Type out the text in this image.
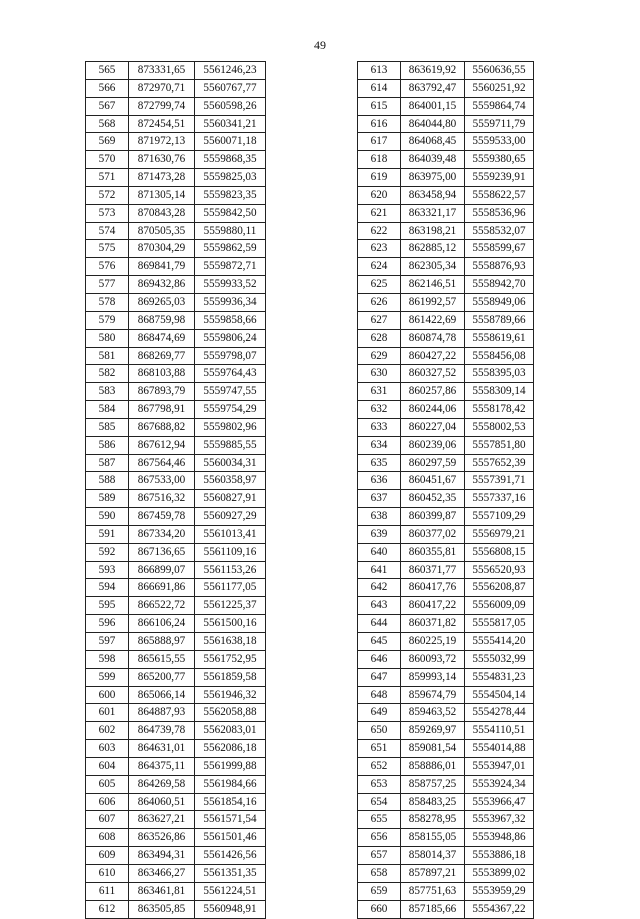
49
565	873331,65	5561246,23
566	872970,71	5560767,77
567	872799,74	5560598,26
568	872454,51	5560341,21
569	871972,13	5560071,18
570	871630,76	5559868,35
571	871473,28	5559825,03
572	871305,14	5559823,35
573	870843,28	5559842,50
574	870505,35	5559880,11
575	870304,29	5559862,59
576	869841,79	5559872,71
577	869432,86	5559933,52
578	869265,03	5559936,34
579	868759,98	5559858,66
580	868474,69	5559806,24
581	868269,77	5559798,07
582	868103,88	5559764,43
583	867893,79	5559747,55
584	867798,91	5559754,29
585	867688,82	5559802,96
586	867612,94	5559885,55
587	867564,46	5560034,31
588	867533,00	5560358,97
589	867516,32	5560827,91
590	867459,78	5560927,29
591	867334,20	5561013,41
592	867136,65	5561109,16
593	866899,07	5561153,26
594	866691,86	5561177,05
595	866522,72	5561225,37
596	866106,24	5561500,16
597	865888,97	5561638,18
598	865615,55	5561752,95
599	865200,77	5561859,58
600	865066,14	5561946,32
601	864887,93	5562058,88
602	864739,78	5562083,01
603	864631,01	5562086,18
604	864375,11	5561999,88
605	864269,58	5561984,66
606	864060,51	5561854,16
607	863627,21	5561571,54
608	863526,86	5561501,46
609	863494,31	5561426,56
610	863466,27	5561351,35
611	863461,81	5561224,51
612	863505,85	5560948,91
613	863619,92	5560636,55
614	863792,47	5560251,92
615	864001,15	5559864,74
616	864044,80	5559711,79
617	864068,45	5559533,00
618	864039,48	5559380,65
619	863975,00	5559239,91
620	863458,94	5558622,57
621	863321,17	5558536,96
622	863198,21	5558532,07
623	862885,12	5558599,67
624	862305,34	5558876,93
625	862146,51	5558942,70
626	861992,57	5558949,06
627	861422,69	5558789,66
628	860874,78	5558619,61
629	860427,22	5558456,08
630	860327,52	5558395,03
631	860257,86	5558309,14
632	860244,06	5558178,42
633	860227,04	5558002,53
634	860239,06	5557851,80
635	860297,59	5557652,39
636	860451,67	5557391,71
637	860452,35	5557337,16
638	860399,87	5557109,29
639	860377,02	5556979,21
640	860355,81	5556808,15
641	860371,77	5556520,93
642	860417,76	5556208,87
643	860417,22	5556009,09
644	860371,82	5555817,05
645	860225,19	5555414,20
646	860093,72	5555032,99
647	859993,14	5554831,23
648	859674,79	5554504,14
649	859463,52	5554278,44
650	859269,97	5554110,51
651	859081,54	5554014,88
652	858886,01	5553947,01
653	858757,25	5553924,34
654	858483,25	5553966,47
655	858278,95	5553967,32
656	858155,05	5553948,86
657	858014,37	5553886,18
658	857897,21	5553899,02
659	857751,63	5553959,29
660	857185,66	5554367,22
